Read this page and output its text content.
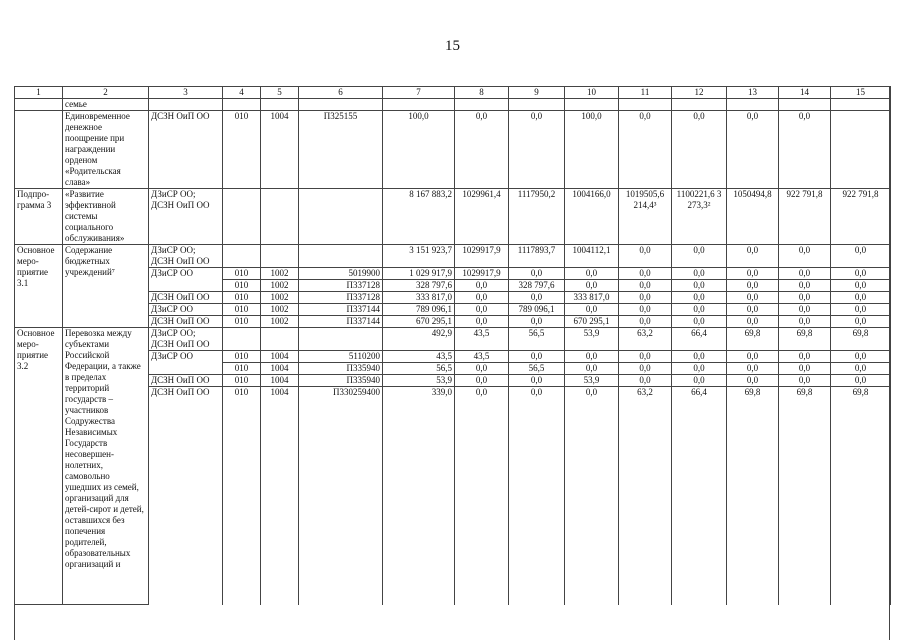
15
1	2	3	4	5	6	7	8	9	10	11	12	13	14	15
	семье													
	Единовременное денежное поощрение при награждении орденом «Родительская слава»	ДСЗН ОиП ОО	010	1004	П325155	100,0	0,0	0,0	100,0	0,0	0,0	0,0	0,0	
Подпро-грамма 3	«Развитие эффективной системы социального обслуживания»	ДЗиСР ОО; ДСЗН ОиП ОО				8 167 883,2	1029961,4	1117950,2	1004166,0	1019505,6 214,4³	1100221,6 3 273,3²	1050494,8	922 791,8	922 791,8
Основное меро-приятие 3.1	Содержание бюджетных учреждений⁷	ДЗиСР ОО; ДСЗН ОиП ОО				3 151 923,7	1029917,9	1117893,7	1004112,1	0,0	0,0	0,0	0,0	0,0
		ДЗиСР ОО	010	1002	5019900	1 029 917,9	1029917,9	0,0	0,0	0,0	0,0	0,0	0,0	0,0
			010	1002	П337128	328 797,6	0,0	328 797,6	0,0	0,0	0,0	0,0	0,0	0,0
		ДСЗН ОиП ОО	010	1002	П337128	333 817,0	0,0	0,0	333 817,0	0,0	0,0	0,0	0,0	0,0
		ДЗиСР ОО	010	1002	П337144	789 096,1	0,0	789 096,1	0,0	0,0	0,0	0,0	0,0	0,0
		ДСЗН ОиП ОО	010	1002	П337144	670 295,1	0,0	0,0	670 295,1	0,0	0,0	0,0	0,0	0,0
Основное меро-приятие 3.2	Перевозка между субъектами Российской Федерации, а также в пределах территорий государств – участников Содружества Независимых Государств несовершен-нолетних, самовольно ушедших из семей, организаций для детей-сирот и детей, оставшихся без попечения родителей, образовательных организаций и	ДЗиСР ОО; ДСЗН ОиП ОО				492,9	43,5	56,5	53,9	63,2	66,4	69,8	69,8	69,8
		ДЗиСР ОО	010	1004	5110200	43,5	43,5	0,0	0,0	0,0	0,0	0,0	0,0	0,0
			010	1004	П335940	56,5	0,0	56,5	0,0	0,0	0,0	0,0	0,0	0,0
		ДСЗН ОиП ОО	010	1004	П335940	53,9	0,0	0,0	53,9	0,0	0,0	0,0	0,0	0,0
		ДСЗН ОиП ОО	010	1004	П330259400	339,0	0,0	0,0	0,0	63,2	66,4	69,8	69,8	69,8
